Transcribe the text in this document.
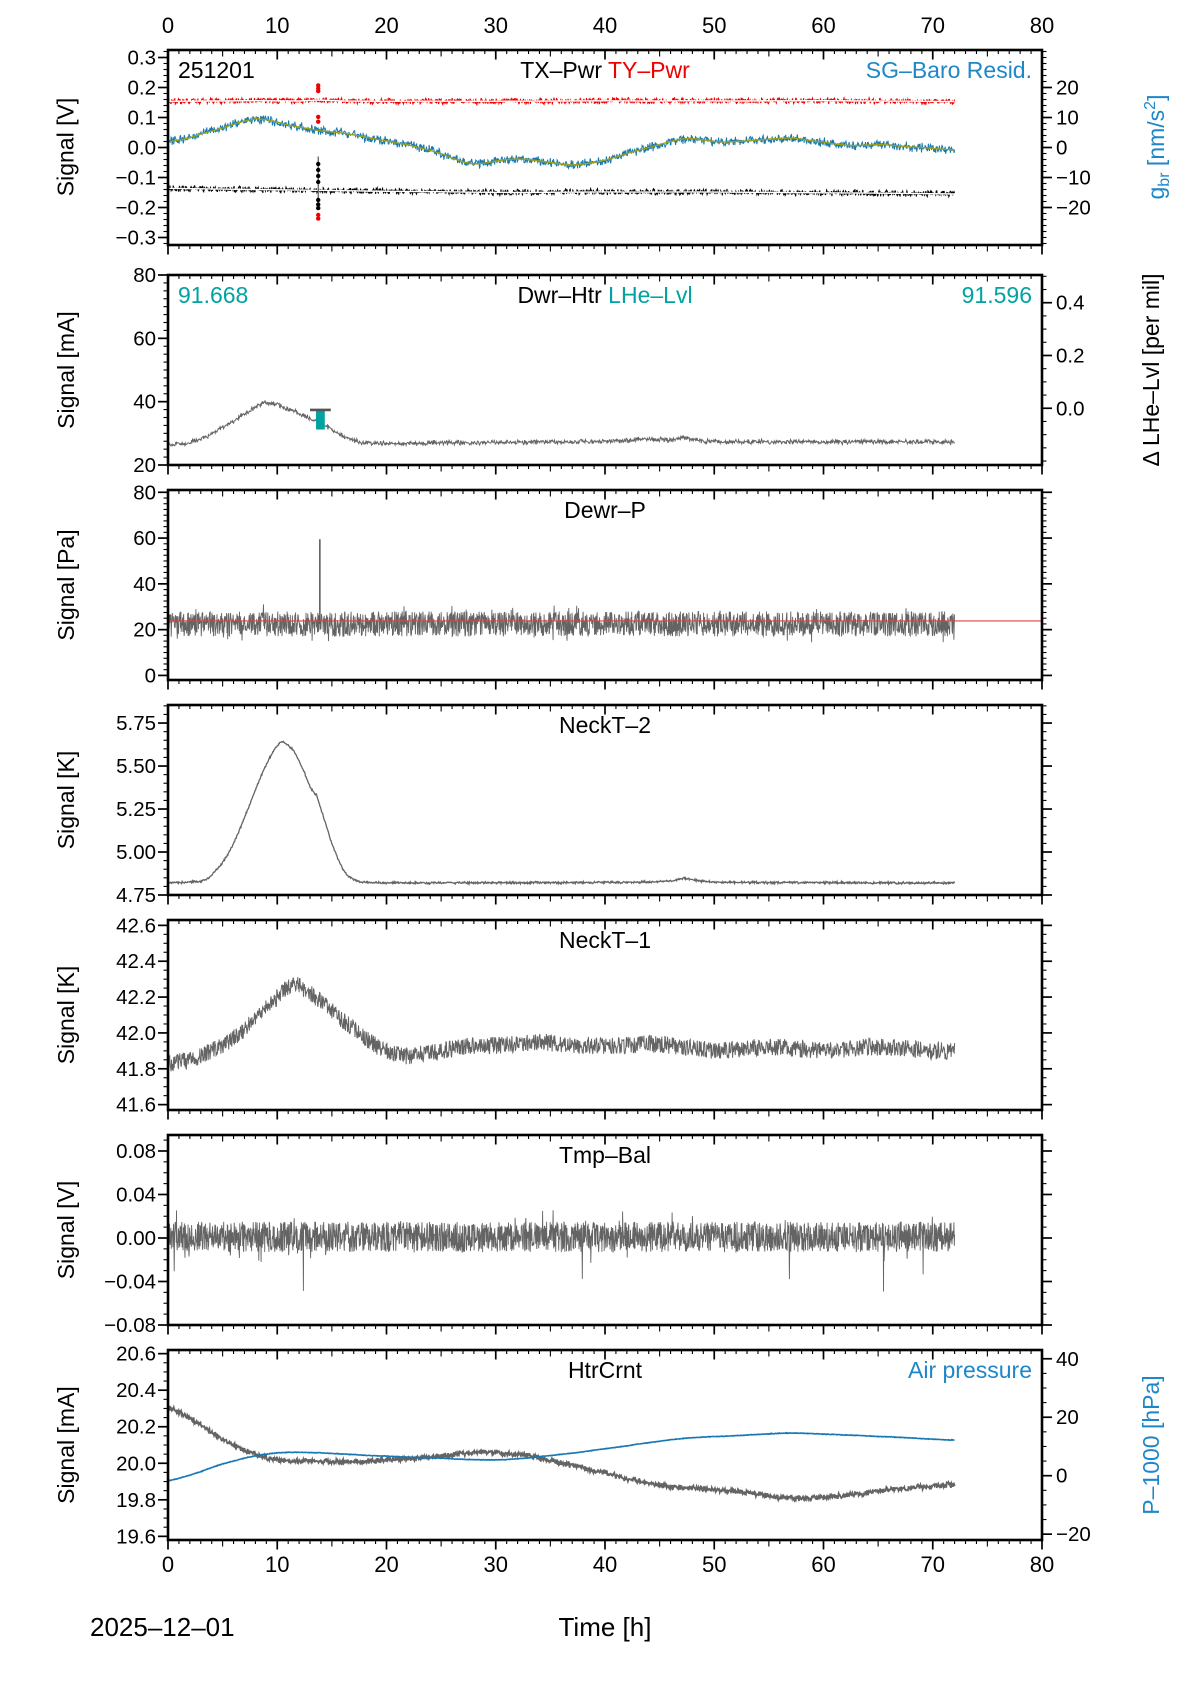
0.3
0.2
0.1
0.0
−0.1
−0.2
−0.3
20
10
0
−10
−20
0	10	20	30	40	50	60	70	80
80
60
40
20
0.4
0.2
0.0
80
60
40
20
0
5.75
5.50
5.25
5.00
4.75
42.6
42.4
42.2
42.0
41.8
41.6
0.08
0.04
0.00
−0.04
−0.08
20.6
20.4
20.2
20.0
19.8
19.6
40
20
0
−20
0	10	20	30	40	50	60	70	80
TX–Pwr TY–Pwr
251201	SG–Baro Resid.
Signal [V]	$g_{br}$ $[nm/s^2]$
Dwr–Htr LHe–Lvl
91.668	91.596
Signal [mA]	Δ LHe–Lvl [per mil]
Dewr–P
Signal [Pa]
NeckT–2
Signal [K]
NeckT–1
Signal [K]
Tmp–Bal
Signal [V]
HtrCrnt	Air pressure
Signal [mA]	P–1000 [hPa]
2025–12–01	Time [h]
